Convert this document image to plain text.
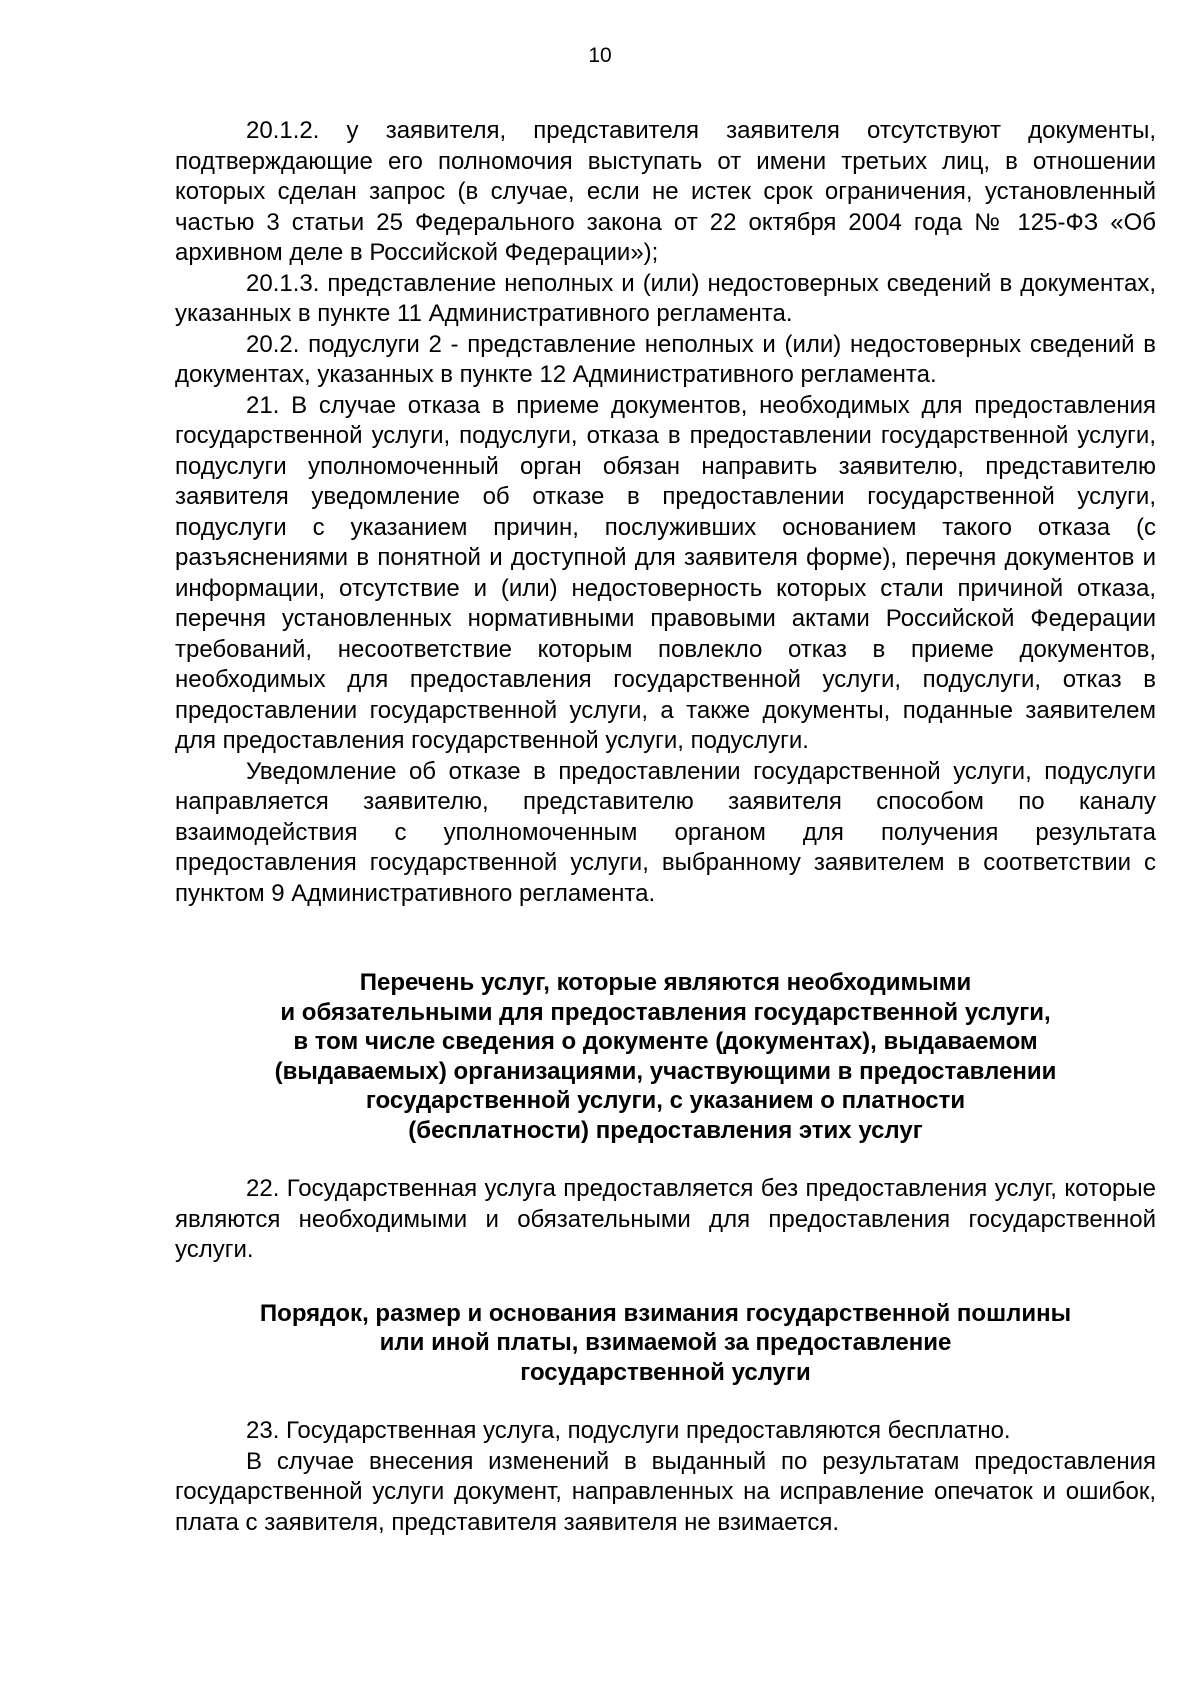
10

20.1.2. у заявителя, представителя заявителя отсутствуют документы, подтверждающие его полномочия выступать от имени третьих лиц, в отношении которых сделан запрос (в случае, если не истек срок ограничения, установленный частью 3 статьи 25 Федерального закона от 22 октября 2004 года № 125-ФЗ «Об архивном деле в Российской Федерации»);

20.1.3. представление неполных и (или) недостоверных сведений в документах, указанных в пункте 11 Административного регламента.

20.2. подуслуги 2 - представление неполных и (или) недостоверных сведений в документах, указанных в пункте 12 Административного регламента.

21. В случае отказа в приеме документов, необходимых для предоставления государственной услуги, подуслуги, отказа в предоставлении государственной услуги, подуслуги уполномоченный орган обязан направить заявителю, представителю заявителя уведомление об отказе в предоставлении государственной услуги, подуслуги с указанием причин, послуживших основанием такого отказа (с разъяснениями в понятной и доступной для заявителя форме), перечня документов и информации, отсутствие и (или) недостоверность которых стали причиной отказа, перечня установленных нормативными правовыми актами Российской Федерации требований, несоответствие которым повлекло отказ в приеме документов, необходимых для предоставления государственной услуги, подуслуги, отказ в предоставлении государственной услуги, а также документы, поданные заявителем для предоставления государственной услуги, подуслуги.

Уведомление об отказе в предоставлении государственной услуги, подуслуги направляется заявителю, представителю заявителя способом по каналу взаимодействия с уполномоченным органом для получения результата предоставления государственной услуги, выбранному заявителем в соответствии с пунктом 9 Административного регламента.

Перечень услуг, которые являются необходимыми
и обязательными для предоставления государственной услуги,
в том числе сведения о документе (документах), выдаваемом
(выдаваемых) организациями, участвующими в предоставлении
государственной услуги, с указанием о платности
(бесплатности) предоставления этих услуг

22. Государственная услуга предоставляется без предоставления услуг, которые являются необходимыми и обязательными для предоставления государственной услуги.

Порядок, размер и основания взимания государственной пошлины
или иной платы, взимаемой за предоставление
государственной услуги

23. Государственная услуга, подуслуги предоставляются бесплатно.

В случае внесения изменений в выданный по результатам предоставления государственной услуги документ, направленных на исправление опечаток и ошибок, плата с заявителя, представителя заявителя не взимается.
